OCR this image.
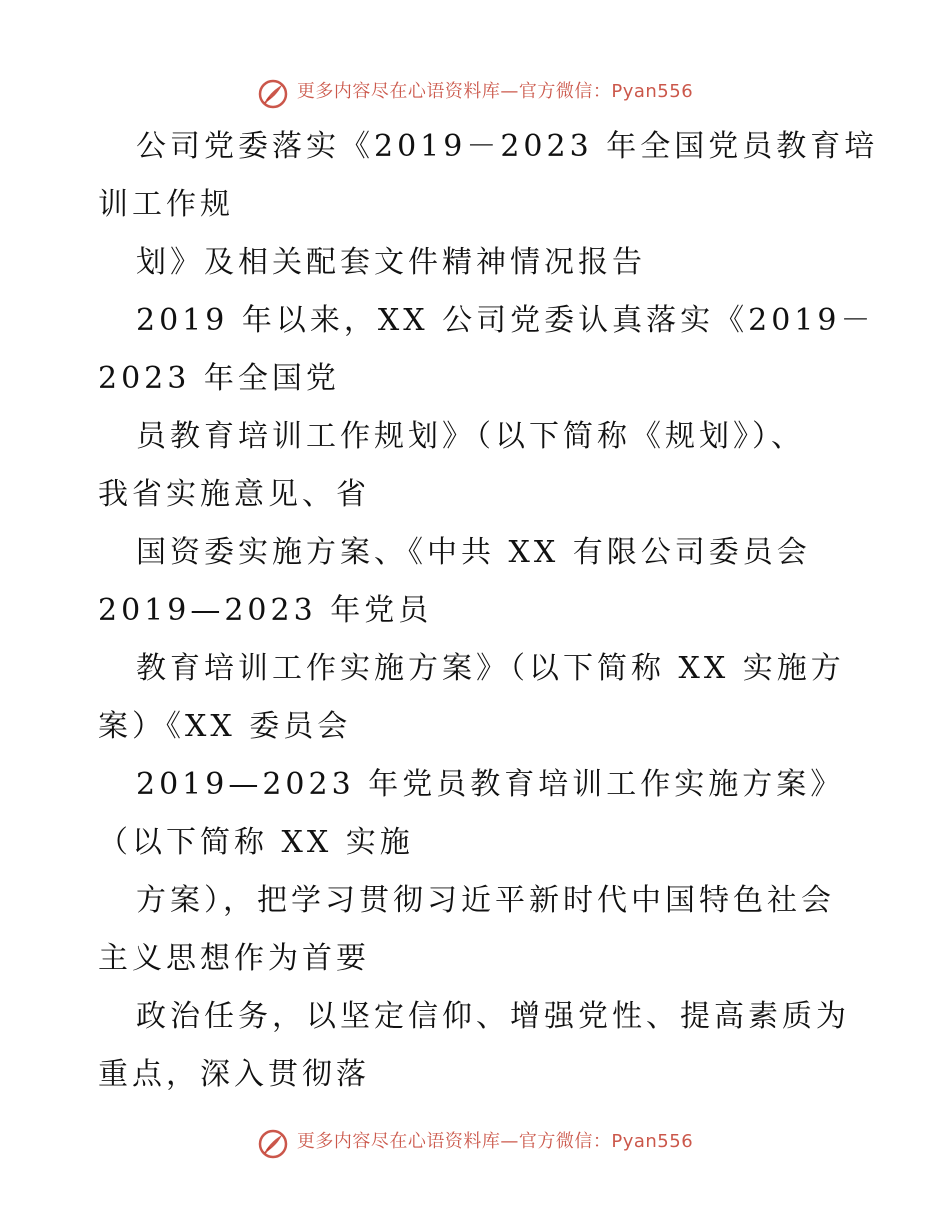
更多内容尽在心语资料库—官方微信：Pyan556
公司党委落实《2019－2023 年全国党员教育培
训工作规
划》及相关配套文件精神情况报告
2019 年以来，XX 公司党委认真落实《2019－
2023 年全国党
员教育培训工作规划》（以下简称《规划》）、
我省实施意见、省
国资委实施方案、《中共 XX 有限公司委员会
2019—2023 年党员
教育培训工作实施方案》（以下简称 XX 实施方
案）《XX 委员会
2019—2023 年党员教育培训工作实施方案》
（以下简称 XX 实施
方案），把学习贯彻习近平新时代中国特色社会
主义思想作为首要
政治任务，以坚定信仰、增强党性、提高素质为
重点，深入贯彻落
更多内容尽在心语资料库—官方微信：Pyan556
